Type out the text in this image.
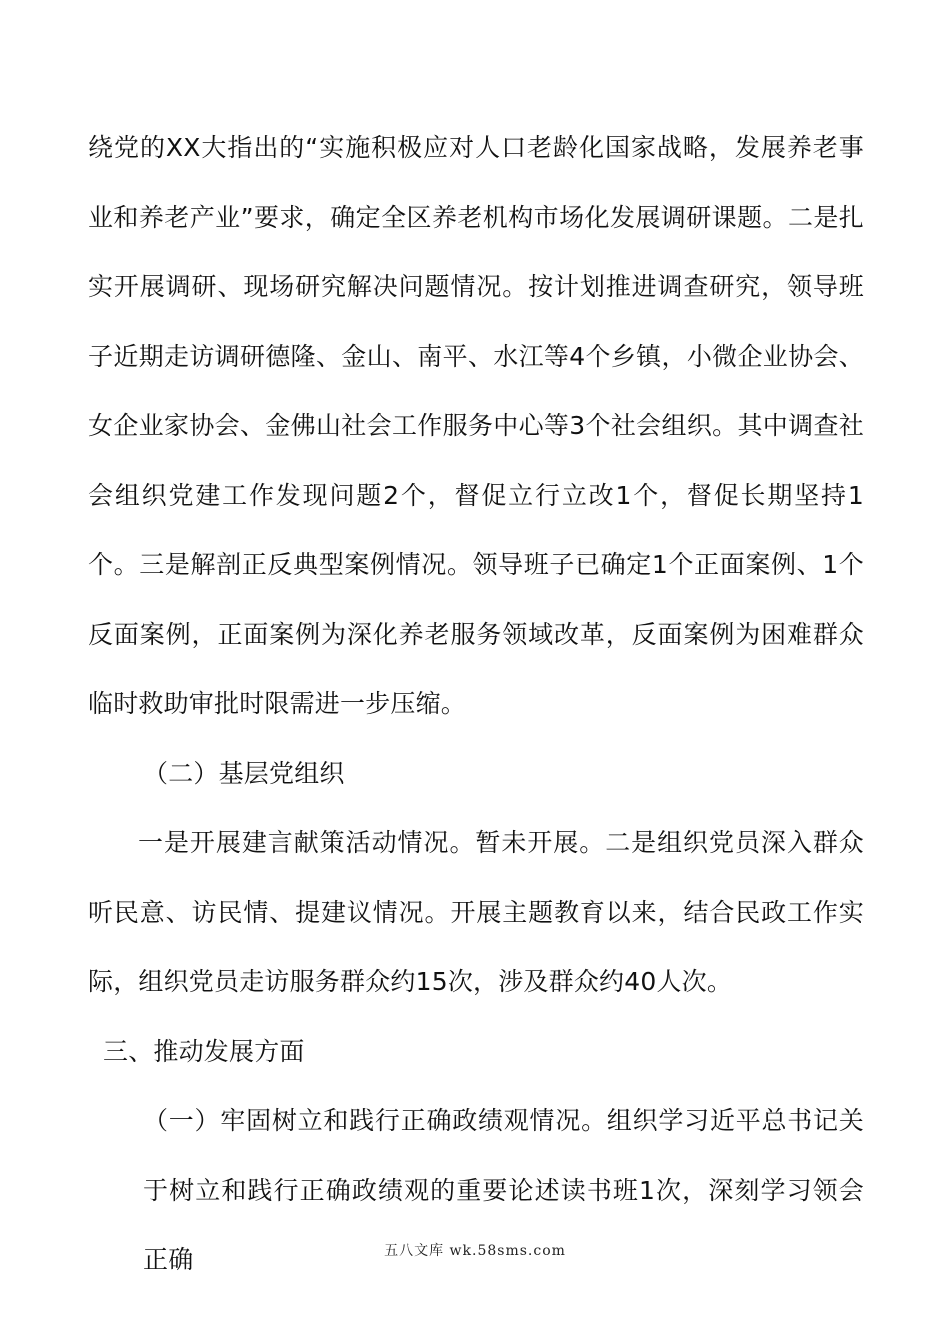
绕党的XX大指出的“实施积极应对人口老龄化国家战略，发展养老事业和养老产业”要求，确定全区养老机构市场化发展调研课题。二是扎实开展调研、现场研究解决问题情况。按计划推进调查研究，领导班子近期走访调研德隆、金山、南平、水江等4个乡镇，小微企业协会、女企业家协会、金佛山社会工作服务中心等3个社会组织。其中调查社会组织党建工作发现问题2个，督促立行立改1个，督促长期坚持1个。三是解剖正反典型案例情况。领导班子已确定1个正面案例、1个反面案例，正面案例为深化养老服务领域改革，反面案例为困难群众临时救助审批时限需进一步压缩。

（二）基层党组织

一是开展建言献策活动情况。暂未开展。二是组织党员深入群众听民意、访民情、提建议情况。开展主题教育以来，结合民政工作实际，组织党员走访服务群众约15次，涉及群众约40人次。

三、推动发展方面

（一）牢固树立和践行正确政绩观情况。组织学习近平总书记关于树立和践行正确政绩观的重要论述读书班1次，深刻学习领会正确	五八文库 wk.58sms.com
